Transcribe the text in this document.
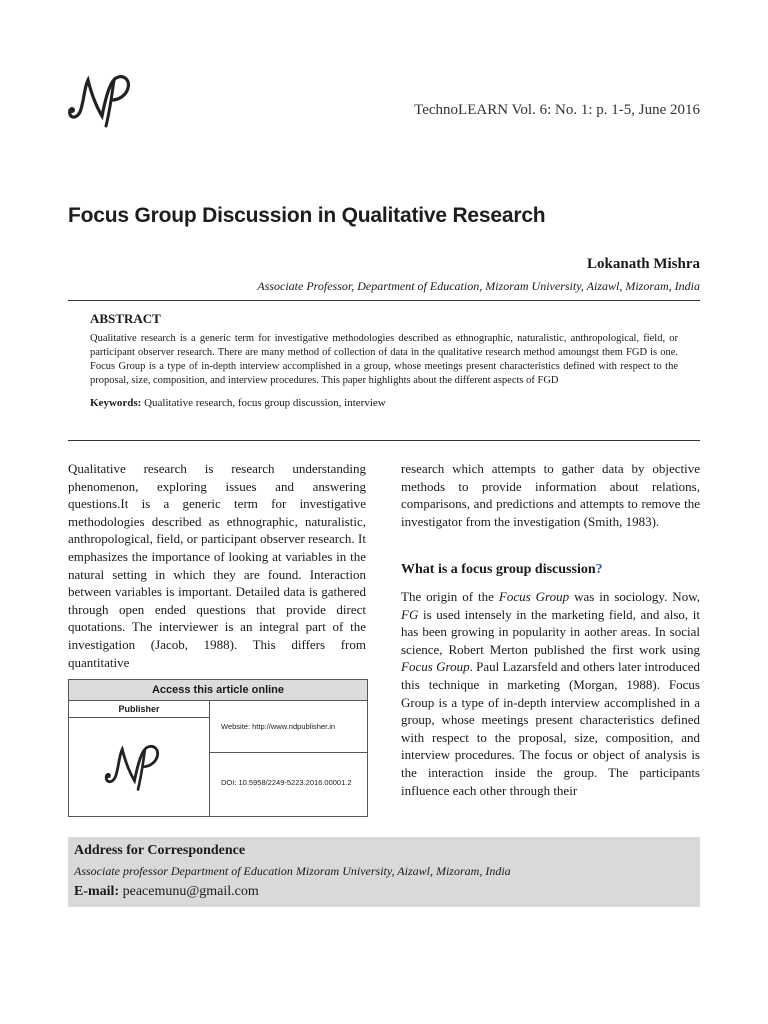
TechnoLEARN Vol. 6: No. 1: p. 1-5, June 2016
Focus Group Discussion in Qualitative Research
Lokanath Mishra
Associate Professor, Department of Education, Mizoram University, Aizawl, Mizoram, India
ABSTRACT
Qualitative research is a generic term for investigative methodologies described as ethnographic, naturalistic, anthropological, field, or participant observer research. There are many method of collection of data in the qualitative research method amoungst them FGD is one. Focus Group is a type of in-depth interview accomplished in a group, whose meetings present characteristics defined with respect to the proposal, size, composition, and interview procedures. This paper highlights about the different aspects of FGD
Keywords: Qualitative research, focus group discussion, interview
Qualitative research is research understanding phenomenon, exploring issues and answering questions.It is a generic term for investigative methodologies described as ethnographic, naturalistic, anthropological, field, or participant observer research. It emphasizes the importance of looking at variables in the natural setting in which they are found. Interaction between variables is important. Detailed data is gathered through open ended questions that provide direct quotations. The interviewer is an integral part of the investigation (Jacob, 1988). This differs from quantitative
Access this article online
Publisher
Website: http://www.ndpublisher.in
DOI: 10.5958/2249-5223.2016.00001.2
research which attempts to gather data by objective methods to provide information about relations, comparisons, and predictions and attempts to remove the investigator from the investigation (Smith, 1983).
What is a focus group discussion?
The origin of the Focus Group was in sociology. Now, FG is used intensely in the marketing field, and also, it has been growing in popularity in aother areas. In social science, Robert Merton published the first work using Focus Group. Paul Lazarsfeld and others later introduced this technique in marketing (Morgan, 1988). Focus Group is a type of in-depth interview accomplished in a group, whose meetings present characteristics defined with respect to the proposal, size, composition, and interview procedures. The focus or object of analysis is the interaction inside the group. The participants influence each other through their
Address for Correspondence
Associate professor Department of Education Mizoram University, Aizawl, Mizoram, India
E-mail: peacemunu@gmail.com
